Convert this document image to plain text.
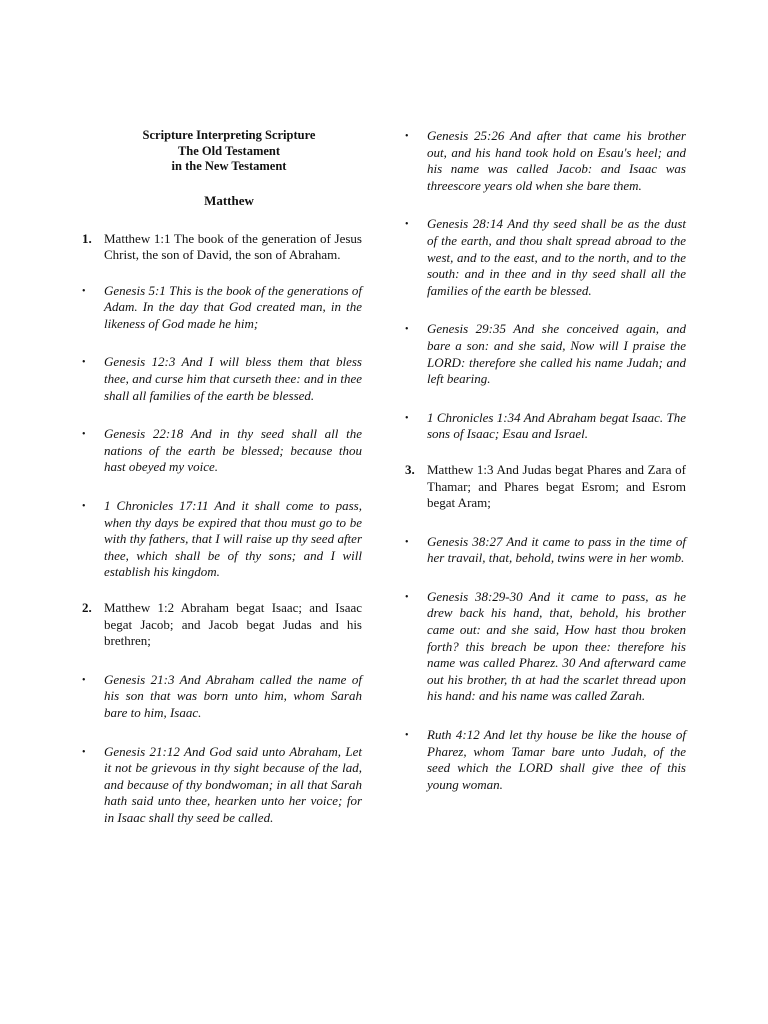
Scripture Interpreting Scripture
The Old Testament
in the New Testament
Matthew
1. Matthew 1:1 The book of the generation of Jesus Christ, the son of David, the son of Abraham.
•	Genesis 5:1 This is the book of the generations of Adam. In the day that God created man, in the likeness of God made he him;
•	Genesis 12:3 And I will bless them that bless thee, and curse him that curseth thee: and in thee shall all families of the earth be blessed.
•	Genesis 22:18 And in thy seed shall all the nations of the earth be blessed; because thou hast obeyed my voice.
•	1 Chronicles 17:11 And it shall come to pass, when thy days be expired that thou must go to be with thy fathers, that I will raise up thy seed after thee, which shall be of thy sons; and I will establish his kingdom.
2. Matthew 1:2 Abraham begat Isaac; and Isaac begat Jacob; and Jacob begat Judas and his brethren;
•	Genesis 21:3 And Abraham called the name of his son that was born unto him, whom Sarah bare to him, Isaac.
•	Genesis 21:12 And God said unto Abraham, Let it not be grievous in thy sight because of the lad, and because of thy bondwoman; in all that Sarah hath said unto thee, hearken unto her voice; for in Isaac shall thy seed be called.
•	Genesis 25:26 And after that came his brother out, and his hand took hold on Esau's heel; and his name was called Jacob: and Isaac was threescore years old when she bare them.
•	Genesis 28:14 And thy seed shall be as the dust of the earth, and thou shalt spread abroad to the west, and to the east, and to the north, and to the south: and in thee and in thy seed shall all the families of the earth be blessed.
•	Genesis 29:35 And she conceived again, and bare a son: and she said, Now will I praise the LORD: therefore she called his name Judah; and left bearing.
•	1 Chronicles 1:34 And Abraham begat Isaac. The sons of Isaac; Esau and Israel.
3. Matthew 1:3 And Judas begat Phares and Zara of Thamar; and Phares begat Esrom; and Esrom begat Aram;
•	Genesis 38:27 And it came to pass in the time of her travail, that, behold, twins were in her womb.
•	Genesis 38:29-30 And it came to pass, as he drew back his hand, that, behold, his brother came out: and she said, How hast thou broken forth? this breach be upon thee: therefore his name was called Pharez. 30 And afterward came out his brother, th at had the scarlet thread upon his hand: and his name was called Zarah.
•	Ruth 4:12 And let thy house be like the house of Pharez, whom Tamar bare unto Judah, of the seed which the LORD shall give thee of this young woman.
